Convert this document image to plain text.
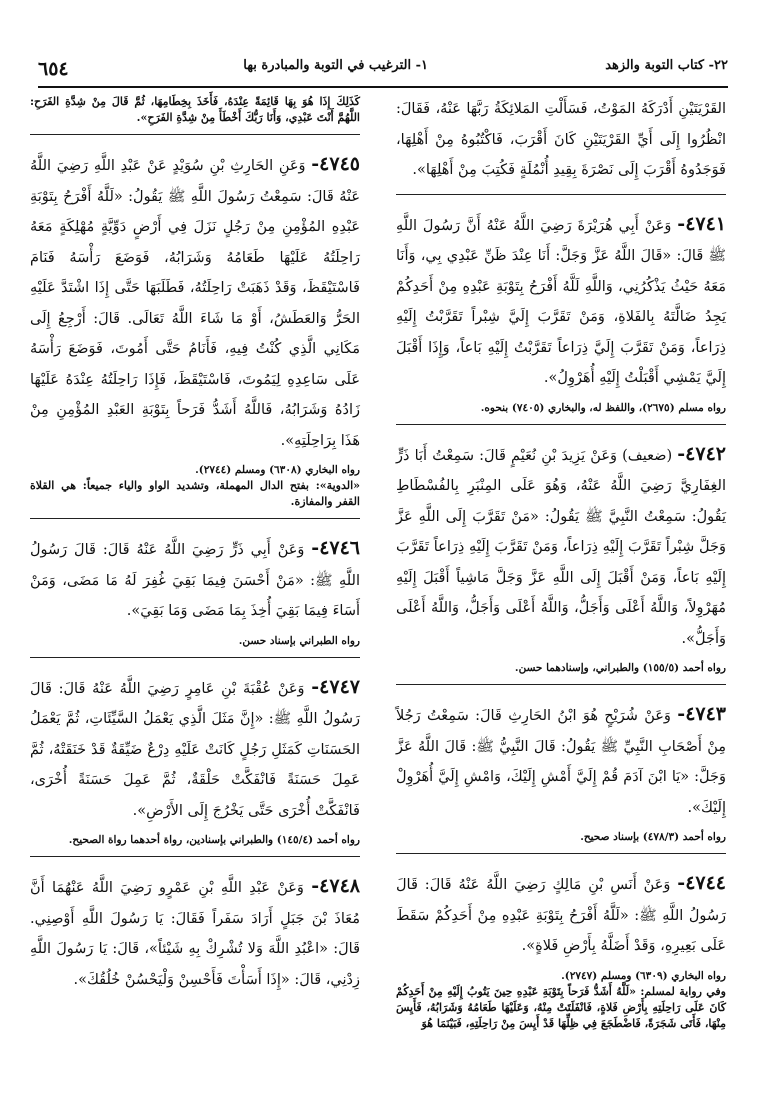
٢٢- كتاب التوبة والزهد
١- الترغيب في التوبة والمبادرة بها
٦٥٤

القَرْيَتَيْنِ أَدْرَكَهُ المَوْتُ، فَسَأَلْتِ المَلائِكَةُ رَبَّهَا عَنْهُ، فَقَالَ: انْظُرُوا إِلَى أَيِّ القَرْيَتَيْنِ كَانَ أَقْرَبَ، فَاكْتُبُوهُ مِنْ أَهْلِهَا، فَوَجَدُوهُ أَقْرَبَ إِلَى نَصْرَةَ بِقِيدِ أُنْمُلَةٍ فَكُتِبَ مِنْ أَهْلِهَا».

٤٧٤١- وَعَنْ أَبِي هُرَيْرَةَ رَضِيَ اللَّهُ عَنْهُ أَنَّ رَسُولَ اللَّهِ ﷺ قَالَ: «قَالَ اللَّهُ عَزَّ وَجَلَّ: أَنَا عِنْدَ ظَنِّ عَبْدِي بِي، وَأَنَا مَعَهُ حَيْثُ يَذْكُرُنِي، وَاللَّهِ لَلَّهُ أَفْرَحُ بِتَوْبَةِ عَبْدِهِ مِنْ أَحَدِكُمْ يَجِدُ ضَالَّتَهُ بِالفَلاةِ، وَمَنْ تَقَرَّبَ إِلَيَّ شِبْراً تَقَرَّبْتُ إِلَيْهِ ذِرَاعاً، وَمَنْ تَقَرَّبَ إِلَيَّ ذِرَاعاً تَقَرَّبْتُ إِلَيْهِ بَاعاً، وَإِذَا أَقْبَلَ إِلَيَّ يَمْشِي أَقْبَلْتُ إِلَيْهِ أُهَرْوِلُ».

رواه مسلم (٢٦٧٥)، واللفظ له، والبخاري (٧٤٠٥) بنحوه.

٤٧٤٢- (ضعيف) وَعَنْ يَزِيدَ بْنِ نُعَيْمٍ قَالَ: سَمِعْتُ أَبَا ذَرٍّ الغِفَارِيَّ رَضِيَ اللَّهُ عَنْهُ، وَهُوَ عَلَى المِنْبَرِ بِالفُسْطَاطِ يَقُولُ: سَمِعْتُ النَّبِيَّ ﷺ يَقُولُ: «مَنْ تَقَرَّبَ إِلَى اللَّهِ عَزَّ وَجَلَّ شِبْراً تَقَرَّبَ إِلَيْهِ ذِرَاعاً، وَمَنْ تَقَرَّبَ إِلَيْهِ ذِرَاعاً تَقَرَّبَ إِلَيْهِ بَاعاً، وَمَنْ أَقْبَلَ إِلَى اللَّهِ عَزَّ وَجَلَّ مَاشِياً أَقْبَلَ إِلَيْهِ مُهَرْوِلاً، وَاللَّهُ أَعْلَى وَأَجَلُّ، وَاللَّهُ أَعْلَى وَأَجَلُّ، وَاللَّهُ أَعْلَى وَأَجَلُّ».

رواه أحمد (١٥٥/٥) والطبراني، وإسنادهما حسن.

٤٧٤٣- وَعَنْ شُرَيْحٍ هُوَ ابْنُ الحَارِثِ قَالَ: سَمِعْتُ رَجُلاً مِنْ أَصْحَابِ النَّبِيِّ ﷺ يَقُولُ: قَالَ النَّبِيُّ ﷺ: قَالَ اللَّهُ عَزَّ وَجَلَّ: «يَا ابْنَ آدَمَ قُمْ إِلَيَّ أَمْشِ إِلَيْكَ، وَامْشِ إِلَيَّ أُهَرْوِلْ إِلَيْكَ».

رواه أحمد (٤٧٨/٣) بإسناد صحيح.

٤٧٤٤- وَعَنْ أَنَسِ بْنِ مَالِكٍ رَضِيَ اللَّهُ عَنْهُ قَالَ: قَالَ رَسُولُ اللَّهِ ﷺ: «لَلَّهُ أَفْرَحُ بِتَوْبَةِ عَبْدِهِ مِنْ أَحَدِكُمْ سَقَطَ عَلَى بَعِيرِهِ، وَقَدْ أَضَلَّهُ بِأَرْضِ فَلاةٍ».

رواه البخاري (٦٣٠٩) ومسلم (٢٧٤٧).

وفي رواية لمسلم: «لَلَّهُ أَشَدُّ فَرَحاً بِتَوْبَةِ عَبْدِهِ حِينَ يَتُوبُ إِلَيْهِ مِنْ أَحَدِكُمْ كَانَ عَلَى رَاحِلَتِهِ بِأَرْضِ فَلاةٍ، فَانْفَلَتَتْ مِنْهُ، وَعَلَيْهَا طَعَامُهُ وَشَرَابُهُ، فَأَيِسَ مِنْهَا، فَأَتَى شَجَرَةً، فَاضْطَجَعَ فِي ظِلِّهَا قَدْ أَيِسَ مِنْ رَاحِلَتِهِ، فَبَيْنَمَا هُوَ

كَذَلِكَ إِذَا هُوَ بِهَا قَائِمَةً عِنْدَهُ، فَأَخَذَ بِخِطَامِهَا، ثُمَّ قَالَ مِنْ شِدَّةِ الفَرَحِ: اللَّهُمَّ أَنْتَ عَبْدِي، وَأَنَا رَبُّكَ أَخْطَأَ مِنْ شِدَّةِ الفَرَحِ».

٤٧٤٥- وَعَنِ الحَارِثِ بْنِ سُوَيْدٍ عَنْ عَبْدِ اللَّهِ رَضِيَ اللَّهُ عَنْهُ قَالَ: سَمِعْتُ رَسُولَ اللَّهِ ﷺ يَقُولُ: «لَلَّهُ أَفْرَحُ بِتَوْبَةِ عَبْدِهِ المُؤْمِنِ مِنْ رَجُلٍ نَزَلَ فِي أَرْضٍ دَوِّيَّةٍ مُهْلِكَةٍ مَعَهُ رَاحِلَتُهُ عَلَيْهَا طَعَامُهُ وَشَرَابُهُ، فَوَضَعَ رَأْسَهُ فَنَامَ فَاسْتَيْقَظَ، وَقَدْ ذَهَبَتْ رَاحِلَتُهُ، فَطَلَبَهَا حَتَّى إِذَا اشْتَدَّ عَلَيْهِ الحَرُّ وَالعَطَشُ، أَوْ مَا شَاءَ اللَّهُ تَعَالَى. قَالَ: أَرْجِعُ إِلَى مَكَانِي الَّذِي كُنْتُ فِيهِ، فَأَنَامُ حَتَّى أَمُوتَ، فَوَضَعَ رَأْسَهُ عَلَى سَاعِدِهِ لِيَمُوتَ، فَاسْتَيْقَظَ، فَإِذَا رَاحِلَتُهُ عِنْدَهُ عَلَيْهَا زَادُهُ وَشَرَابُهُ، فَاللَّهُ أَشَدُّ فَرَحاً بِتَوْبَةِ العَبْدِ المُؤْمِنِ مِنْ هَذَا بِرَاحِلَتِهِ».

رواه البخاري (٦٣٠٨) ومسلم (٢٧٤٤).

«الدوية»: بفتح الدال المهملة، وتشديد الواو والياء جميعاً: هي القلاة القفر والمفازة.

٤٧٤٦- وَعَنْ أَبِي ذَرٍّ رَضِيَ اللَّهُ عَنْهُ قَالَ: قَالَ رَسُولُ اللَّهِ ﷺ: «مَنْ أَحْسَنَ فِيمَا بَقِيَ غُفِرَ لَهُ مَا مَضَى، وَمَنْ أَسَاءَ فِيمَا بَقِيَ أُخِذَ بِمَا مَضَى وَمَا بَقِيَ».

رواه الطبراني بإسناد حسن.

٤٧٤٧- وَعَنْ عُقْبَةَ بْنِ عَامِرٍ رَضِيَ اللَّهُ عَنْهُ قَالَ: قَالَ رَسُولُ اللَّهِ ﷺ: «إِنَّ مَثَلَ الَّذِي يَعْمَلُ السَّيِّئَاتِ، ثُمَّ يَعْمَلُ الحَسَنَاتِ كَمَثَلِ رَجُلٍ كَانَتْ عَلَيْهِ دِرْعٌ ضَيِّقَةٌ قَدْ خَنَقَتْهُ، ثُمَّ عَمِلَ حَسَنَةً فَانْفَكَّتْ حَلْقَةٌ، ثُمَّ عَمِلَ حَسَنَةً أُخْرَى، فَانْفَكَّتْ أُخْرَى حَتَّى يَخْرُجَ إِلَى الأَرْضِ».

رواه أحمد (١٤٥/٤) والطبراني بإسنادين، رواة أحدهما رواة الصحيح.

٤٧٤٨- وَعَنْ عَبْدِ اللَّهِ بْنِ عَمْرٍو رَضِيَ اللَّهُ عَنْهُمَا أَنَّ مُعَاذَ بْنَ جَبَلٍ أَرَادَ سَفَراً فَقَالَ: يَا رَسُولَ اللَّهِ أَوْصِنِي. قَالَ: «اعْبُدِ اللَّهَ وَلا تُشْرِكْ بِهِ شَيْئاً»، قَالَ: يَا رَسُولَ اللَّهِ زِدْنِي، قَالَ: «إِذَا أَسَأْتَ فَأَحْسِنْ وَلْيَحْسُنْ خُلُقُكَ».
